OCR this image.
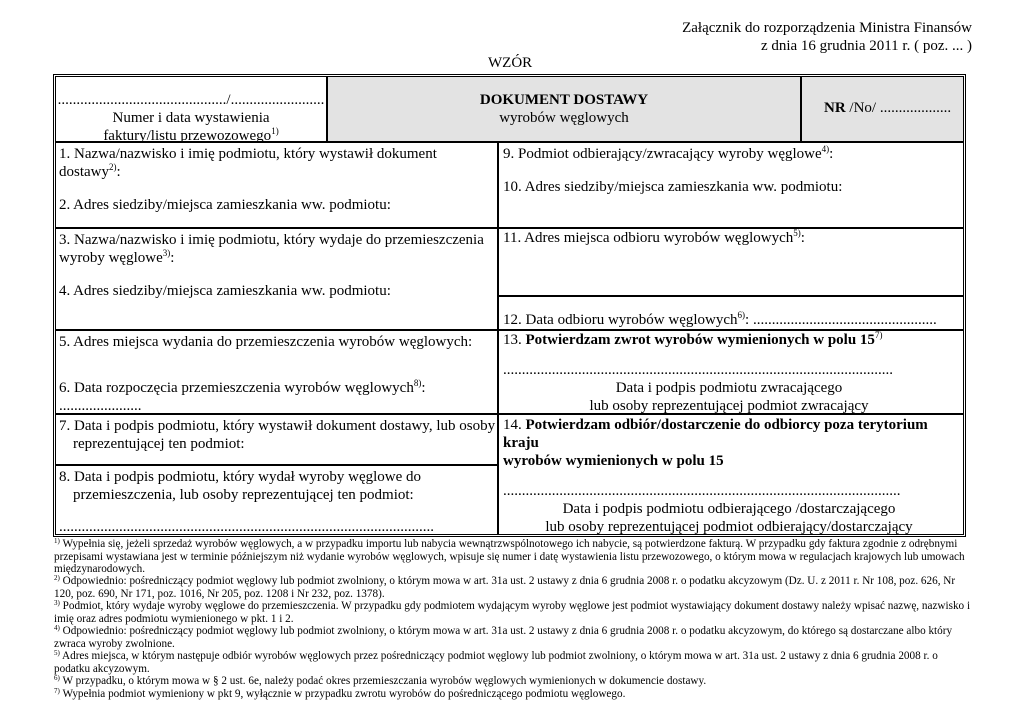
Załącznik do rozporządzenia Ministra Finansów
z dnia 16 grudnia 2011 r. ( poz. ... )
WZÓR
............................................./.........................
Numer i data wystawienia faktury/listu przewozowego$^{1)}$
DOKUMENT DOSTAWY
wyrobów węglowych
NR /No/ ...................
1. Nazwa/nazwisko i imię podmiotu, który wystawił dokument dostawy$^{2)}$:
2. Adres siedziby/miejsca zamieszkania ww. podmiotu:
3. Nazwa/nazwisko i imię podmiotu, który wydaje do przemieszczenia
wyroby węglowe$^{3)}$:
4. Adres siedziby/miejsca zamieszkania ww. podmiotu:
5. Adres miejsca wydania do przemieszczenia wyrobów węglowych:
6. Data rozpoczęcia przemieszczenia wyrobów węglowych$^{8)}$:
......................
7. Data i podpis podmiotu, który wystawił dokument dostawy, lub osoby
reprezentującej ten podmiot:
....................................................................................................
8. Data i podpis podmiotu, który wydał wyroby węglowe do
przemieszczenia, lub osoby reprezentującej ten podmiot:
....................................................................................................
9. Podmiot odbierający/zwracający wyroby węglowe$^{4)}$:
10. Adres siedziby/miejsca zamieszkania ww. podmiotu:
11. Adres miejsca odbioru wyrobów węglowych$^{5)}$:
12. Data odbioru wyrobów węglowych$^{6)}$: .................................................
13. Potwierdzam zwrot wyrobów wymienionych w polu 15$^{7)}$
........................................................................................................
Data i podpis podmiotu zwracającego
lub osoby reprezentującej podmiot zwracający
14. Potwierdzam odbiór/dostarczenie do odbiorcy poza terytorium kraju
wyrobów wymienionych w polu 15
..........................................................................................................
Data i podpis podmiotu odbierającego /dostarczającego
lub osoby reprezentującej podmiot odbierający/dostarczający
$^{1)}$ Wypełnia się, jeżeli sprzedaż wyrobów węglowych, a w przypadku importu lub nabycia wewnątrzwspólnotowego ich nabycie, są potwierdzone fakturą. W przypadku gdy faktura zgodnie z odrębnymi przepisami wystawiana jest w terminie późniejszym niż wydanie wyrobów węglowych, wpisuje się numer i datę wystawienia listu przewozowego, o którym mowa w regulacjach krajowych lub umowach międzynarodowych.
$^{2)}$ Odpowiednio: pośredniczący podmiot węglowy lub podmiot zwolniony, o którym mowa w art. 31a ust. 2 ustawy z dnia 6 grudnia 2008 r. o podatku akcyzowym (Dz. U. z 2011 r. Nr 108, poz. 626, Nr 120, poz. 690, Nr 171, poz. 1016, Nr 205, poz. 1208 i Nr 232, poz. 1378).
$^{3)}$ Podmiot, który wydaje wyroby węglowe do przemieszczenia. W przypadku gdy podmiotem wydającym wyroby węglowe jest podmiot wystawiający dokument dostawy należy wpisać nazwę, nazwisko i imię oraz adres podmiotu wymienionego w pkt. 1 i 2.
$^{4)}$ Odpowiednio: pośredniczący podmiot węglowy lub podmiot zwolniony, o którym mowa w art. 31a ust. 2 ustawy z dnia 6 grudnia 2008 r. o podatku akcyzowym, do którego są dostarczane albo który zwraca wyroby zwolnione.
$^{5)}$ Adres miejsca, w którym następuje odbiór wyrobów węglowych przez pośredniczący podmiot węglowy lub podmiot zwolniony, o którym mowa w art. 31a ust. 2 ustawy z dnia 6 grudnia 2008 r. o podatku akcyzowym.
$^{6)}$ W przypadku, o którym mowa w § 2 ust. 6e, należy podać okres przemieszczania wyrobów węglowych wymienionych w dokumencie dostawy.
$^{7)}$ Wypełnia podmiot wymieniony w pkt 9, wyłącznie w przypadku zwrotu wyrobów do pośredniczącego podmiotu węglowego.
